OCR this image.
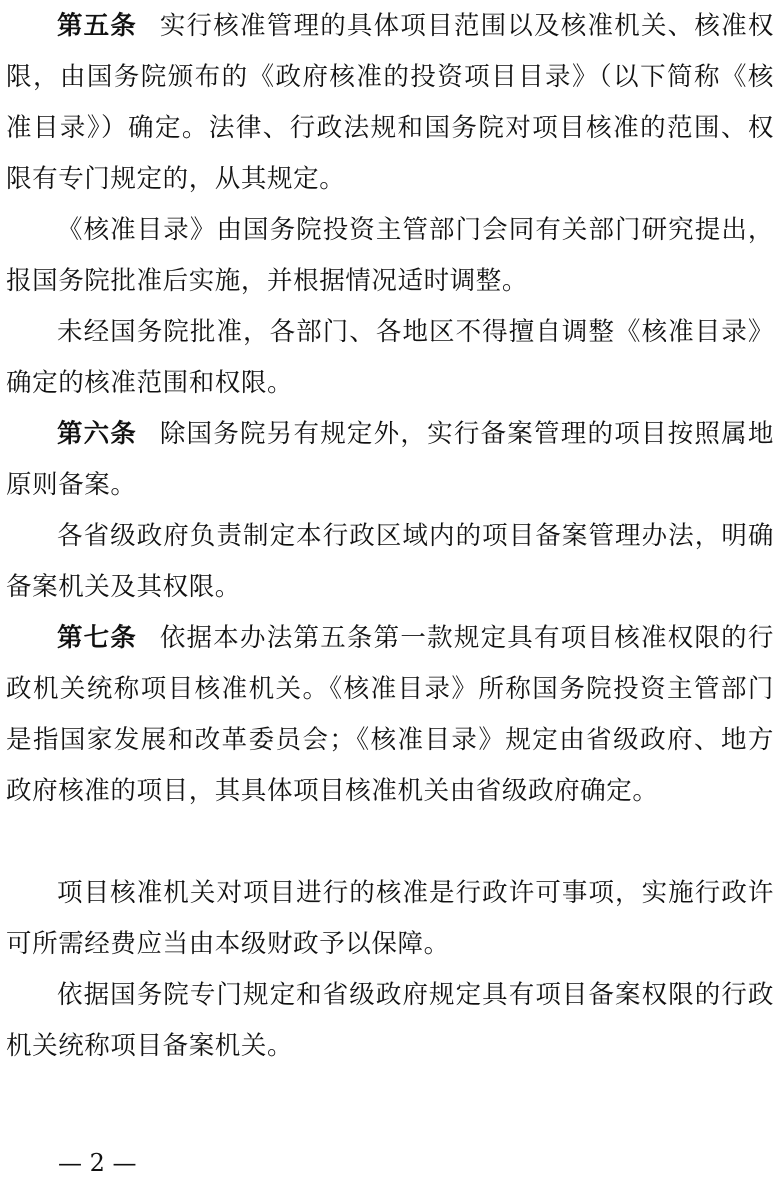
第五条 实行核准管理的具体项目范围以及核准机关、核准权限，由国务院颁布的《政府核准的投资项目目录》（以下简称《核准目录》）确定。法律、行政法规和国务院对项目核准的范围、权限有专门规定的，从其规定。

《核准目录》由国务院投资主管部门会同有关部门研究提出，报国务院批准后实施，并根据情况适时调整。

未经国务院批准，各部门、各地区不得擅自调整《核准目录》确定的核准范围和权限。

第六条 除国务院另有规定外，实行备案管理的项目按照属地原则备案。

各省级政府负责制定本行政区域内的项目备案管理办法，明确备案机关及其权限。

第七条 依据本办法第五条第一款规定具有项目核准权限的行政机关统称项目核准机关。《核准目录》所称国务院投资主管部门是指国家发展和改革委员会；《核准目录》规定由省级政府、地方政府核准的项目，其具体项目核准机关由省级政府确定。

项目核准机关对项目进行的核准是行政许可事项，实施行政许可所需经费应当由本级财政予以保障。

依据国务院专门规定和省级政府规定具有项目备案权限的行政机关统称项目备案机关。

— 2 —
